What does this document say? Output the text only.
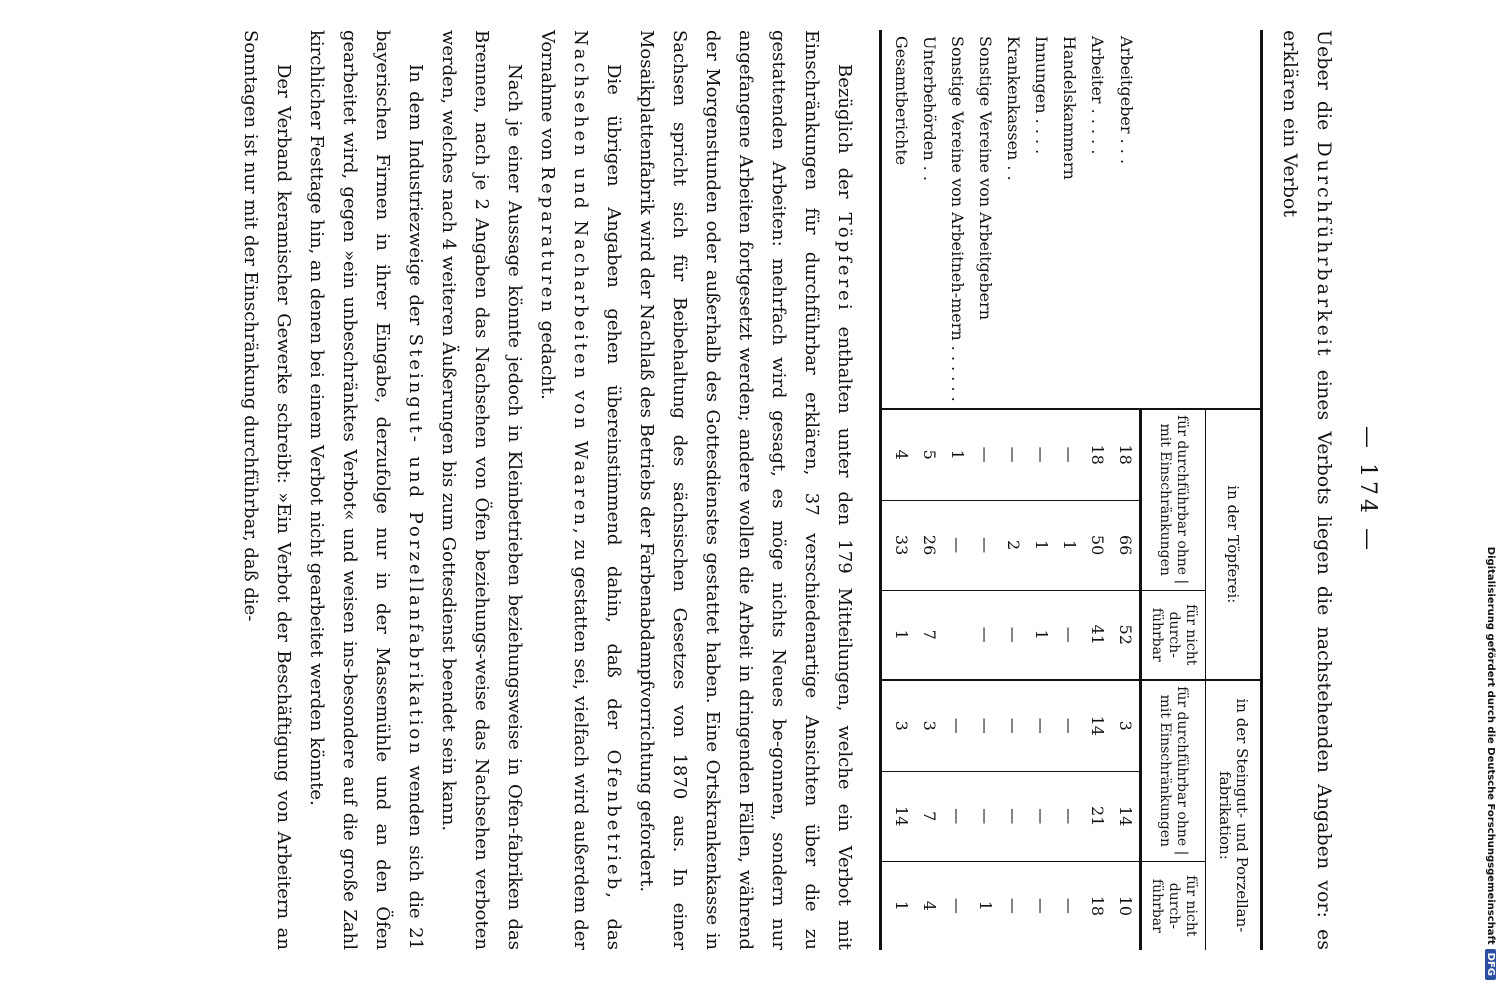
— 174 —
Ueber die Durchführbarkeit eines Verbots liegen die nachstehenden Angaben vor: es erklären ein Verbot
	in der Töpferei:			in der Steingut- und Porzellan-fabrikation:		
	für durchführbar ohne | mit Einschränkungen		für nicht durch-führbar	für durchführbar ohne | mit Einschränkungen		für nicht durch-führbar
Arbeitgeber . . .	18	66	52	3	14	10
Arbeiter . . . . .	18	50	41	14	21	18
Handelskammern	—	1	—	—	—	—
Innungen . . . .	—	1	1	—	—	—
Krankenkassen . .	—	2	—	—	—	—
Sonstige Vereine von Arbeitgebern	—	—	—	—	—	1
Sonstige Vereine von Arbeitneh-mern . . . . . .	1	—		—	—	—
Unterbehörden . .	5	26	7	3	7	4
Gesamtberichte	4	33	1	3	14	1

Bezüglich der Töpferei enthalten unter den 179 Mitteilungen, welche ein Verbot mit Einschränkungen für durchführbar erklären, 37 verschiedenartige Ansichten über die zu gestattenden Arbeiten: mehrfach wird gesagt, es möge nichts Neues be-gonnen, sondern nur angefangene Arbeiten fortgesetzt werden; andere wollen die Arbeit in dringenden Fällen, während der Morgenstunden oder außerhalb des Gottesdienstes gestattet haben. Eine Ortskrankenkasse in Sachsen spricht sich für Beibehaltung des sächsischen Gesetzes von 1870 aus. In einer Mosaikplattenfabrik wird der Nachlaß des Betriebs der Farbenabdampfvorrichtung gefordert.

Die übrigen Angaben gehen übereinstimmend dahin, daß der Ofenbetrieb, das Nachsehen und Nacharbeiten von Waaren, zu gestatten sei, vielfach wird außerdem der Vornahme von Reparaturen gedacht.

Nach je einer Aussage könnte jedoch in Kleinbetrieben beziehungsweise in Ofen-fabriken das Brennen, nach je 2 Angaben das Nachsehen von Öfen beziehungs-weise das Nachsehen verboten werden, welches nach 4 weiteren Äußerungen bis zum Gottesdienst beendet sein kann.

In dem Industriezweige der Steingut- und Porzellanfabrikation wenden sich die 21 bayerischen Firmen in ihrer Eingabe, derzufolge nur in der Massemühle und an den Öfen gearbeitet wird, gegen »ein unbeschränktes Verbot« und weisen ins-besondere auf die große Zahl kirchlicher Festtage hin, an denen bei einem Verbot nicht gearbeitet werden könnte.

Der Verband keramischer Gewerke schreibt: »Ein Verbot der Beschäftigung von Arbeitern an Sonntagen ist nur mit der Einschränkung durchführbar, daß die-

Digitalisierung gefördert durch die Deutsche ForschungsgemeinschaftDFG
